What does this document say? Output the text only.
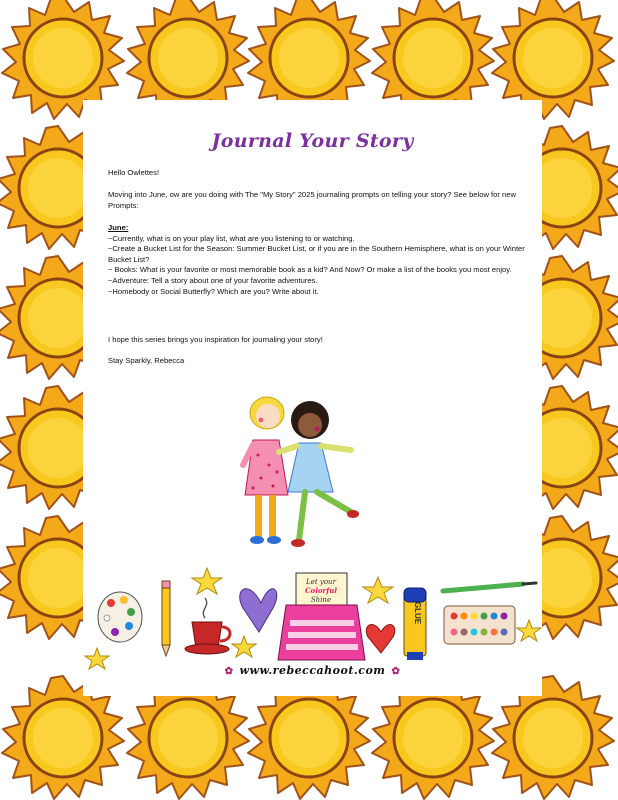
Journal Your Story
Hello Owlettes!
Moving into June, ow are you doing with The "My Story" 2025 journaling prompts on telling your story? See below for new Prompts:
June:
~Currently, what is on your play list, what are you listening to or watching.
~Create a Bucket List for the Season: Summer Bucket List, or if you are in the Southern Hemisphere, what is on your Winter Bucket List?
~ Books: What is your favorite or most memorable book as a kid? And Now? Or make a list of the books you most enjoy.
~Adventure: Tell a story about one of your favorite adventures.
~Homebody or Social Butterfly? Which are you? Write about it.
I hope this series brings you inspiration for journaling your story!
Stay Sparkly, Rebecca
Let your
Colorful
Shine
GLUE
✿ www.rebeccahoot.com ✿
